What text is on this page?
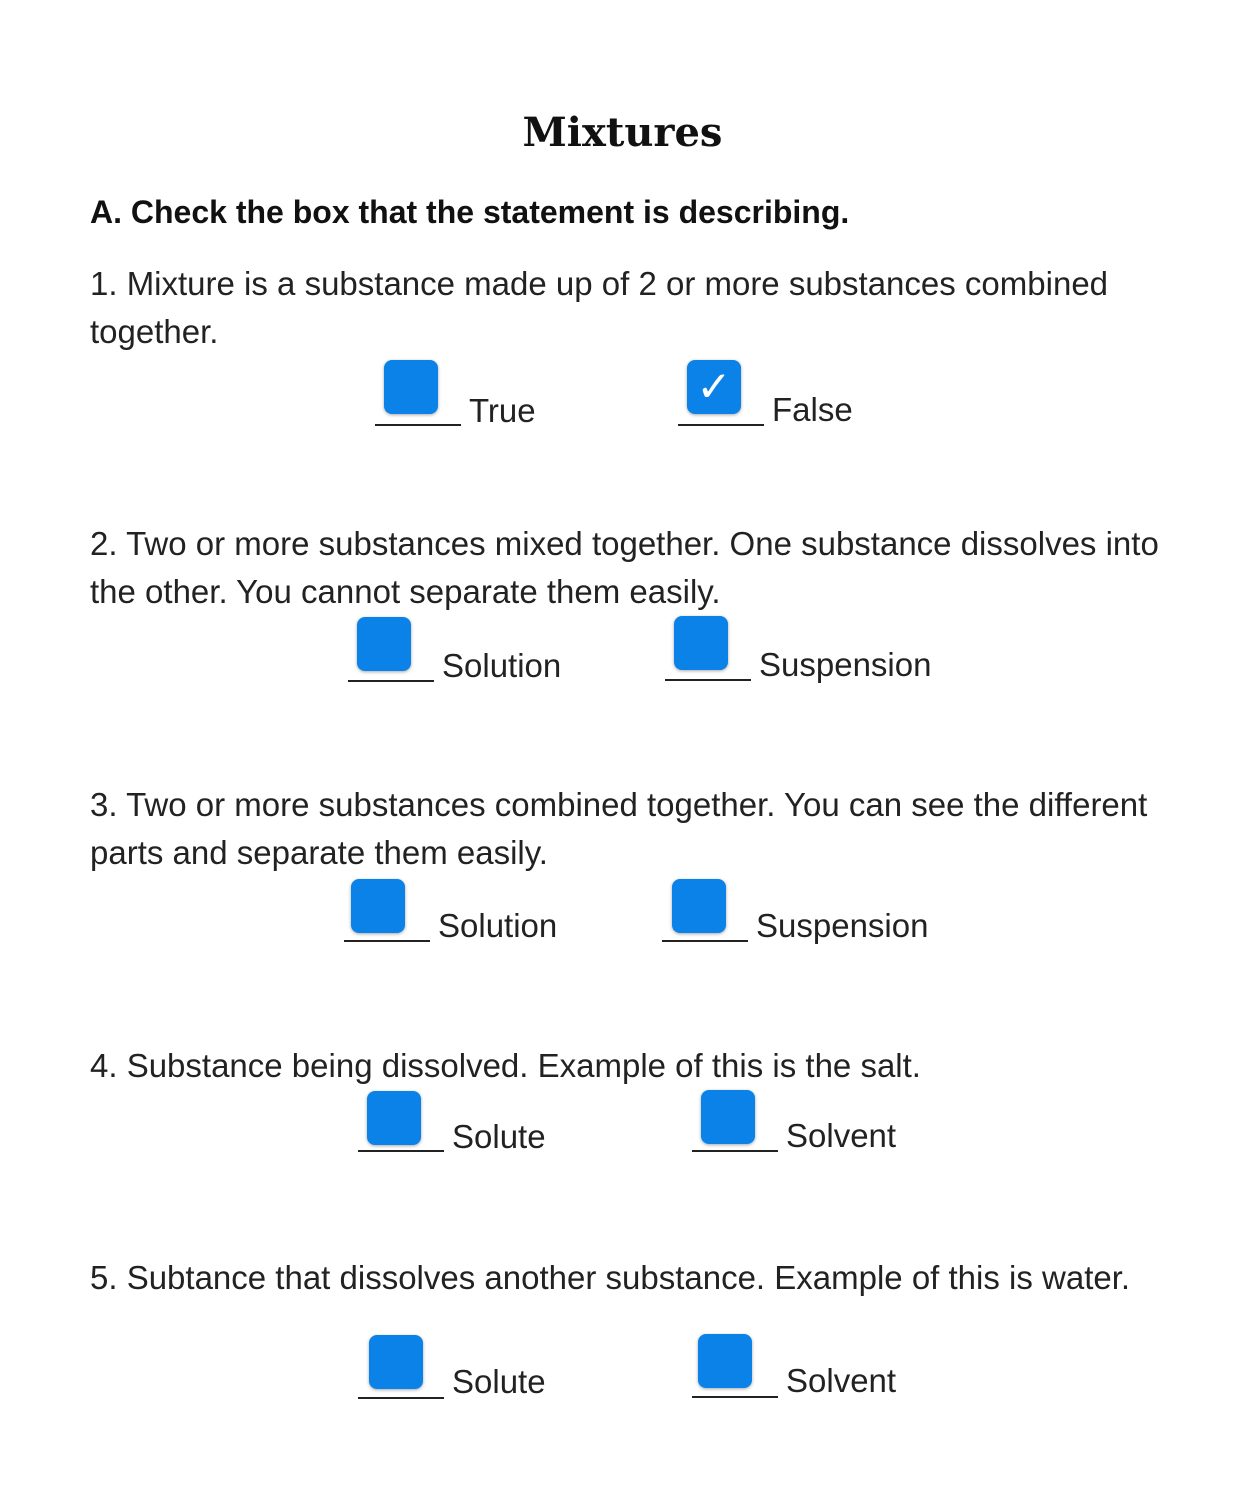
Mixtures
A. Check the box that the statement is describing.
1. Mixture is a substance made up of 2 or more substances combined together.
True	✓ False
2. Two or more substances mixed together. One substance dissolves into the other. You cannot separate them easily.
Solution	Suspension
3. Two or more substances combined together. You can see the different parts and separate them easily.
Solution	Suspension
4. Substance being dissolved. Example of this is the salt.
Solute	Solvent
5. Subtance that dissolves another substance. Example of this is water.
Solute	Solvent
